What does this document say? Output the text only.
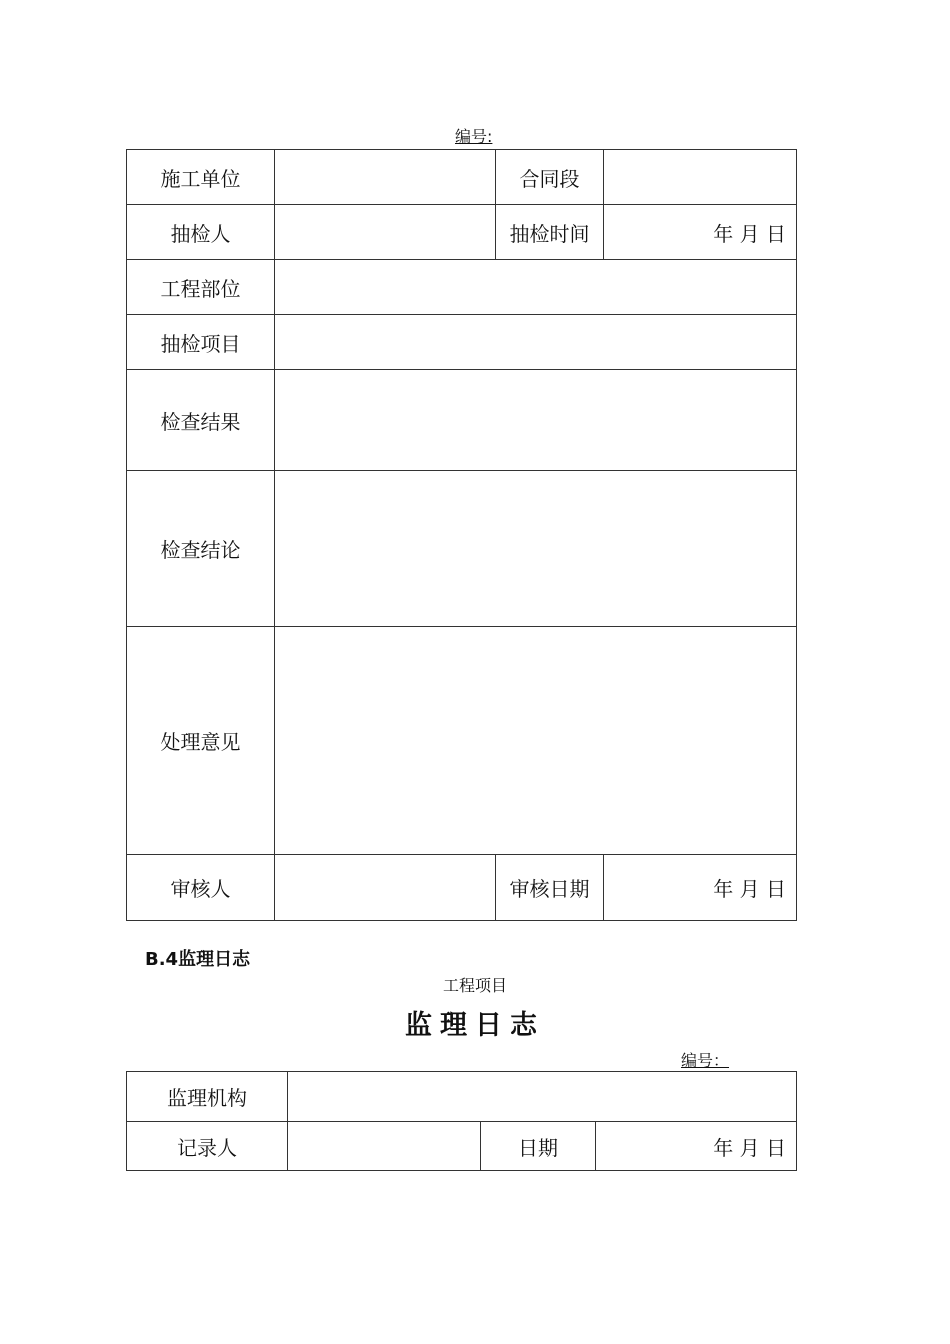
编号:
施工单位		合同段	
抽检人		抽检时间	年 月 日
工程部位			
抽检项目			
检查结果			
检查结论			
处理意见			
审核人		审核日期	年 月 日
B.4监理日志
工程项目
监理日志
编号：
监理机构			
记录人		日期	年 月 日
